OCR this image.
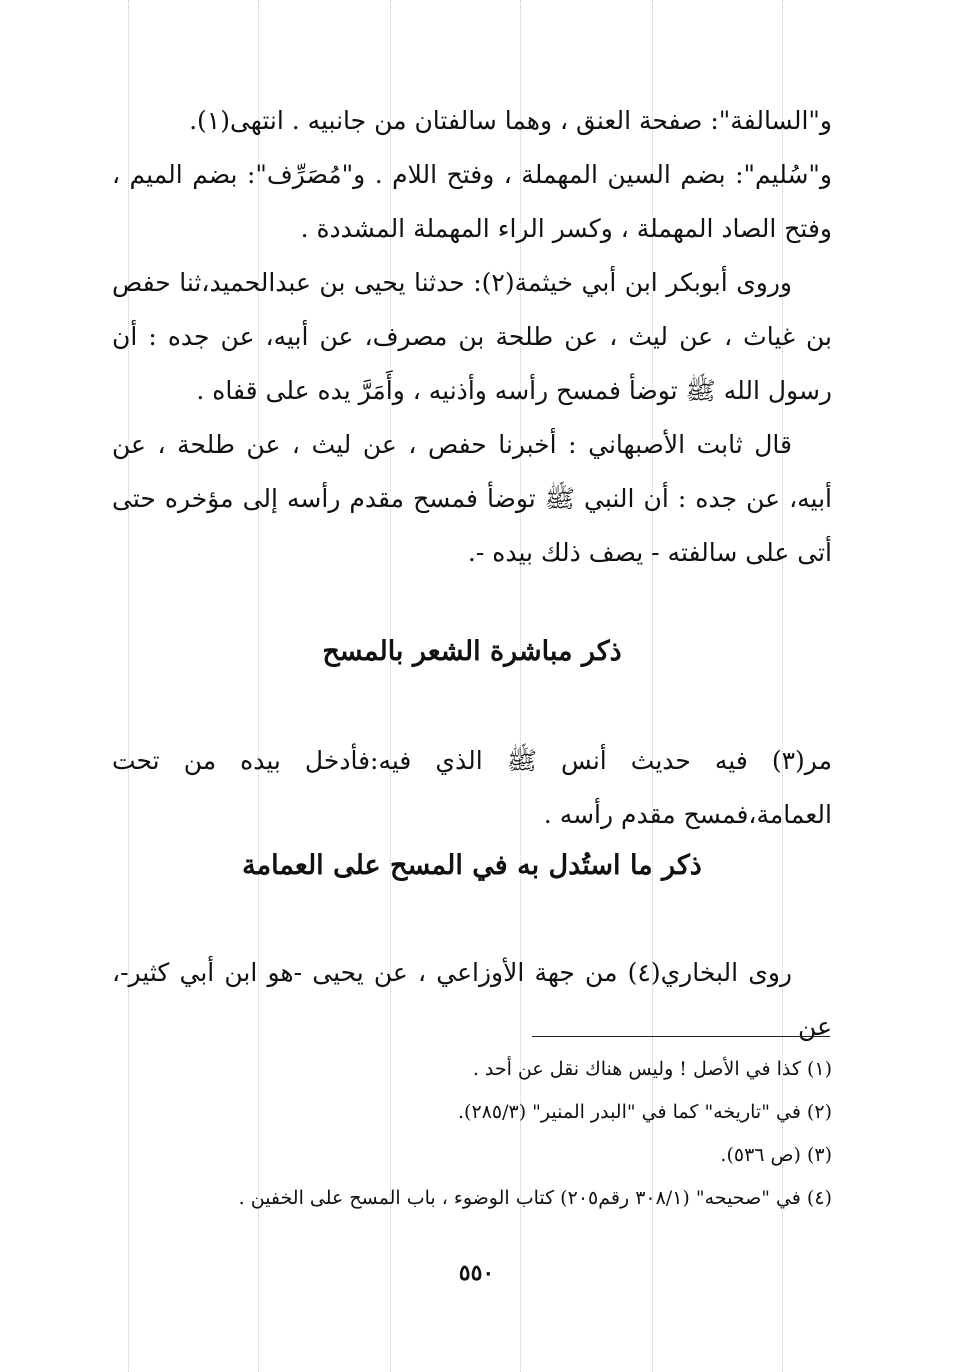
و"السالفة": صفحة العنق ، وهما سالفتان من جانبيه . انتهى(١).

و"سُليم": بضم السين المهملة ، وفتح اللام . و"مُصَرِّف": بضم الميم ، وفتح الصاد المهملة ، وكسر الراء المهملة المشددة .

وروى أبوبكر ابن أبي خيثمة(٢): حدثنا يحيى بن عبدالحميد،ثنا حفص بن غياث ، عن ليث ، عن طلحة بن مصرف، عن أبيه، عن جده : أن رسول الله ﷺ توضأ فمسح رأسه وأذنيه ، وأَمَرَّ يده على قفاه .

قال ثابت الأصبهاني : أخبرنا حفص ، عن ليث ، عن طلحة ، عن أبيه، عن جده : أن النبي ﷺ توضأ فمسح مقدم رأسه إلى مؤخره حتى أتى على سالفته - يصف ذلك بيده -.

ذكر مباشرة الشعر بالمسح

مر(٣) فيه حديث أنس ﷺ الذي فيه:فأدخل بيده من تحت العمامة،فمسح مقدم رأسه .

ذكر ما استُدل به في المسح على العمامة

روى البخاري(٤) من جهة الأوزاعي ، عن يحيى -هو ابن أبي كثير-، عن

(١) كذا في الأصل ! وليس هناك نقل عن أحد .
(٢) في "تاريخه" كما في "البدر المنير" (٢٨٥/٣).
(٣) (ص ٥٣٦).
(٤) في "صحيحه" (٣٠٨/١ رقم٢٠٥) كتاب الوضوء ، باب المسح على الخفين .
٥٥٠
